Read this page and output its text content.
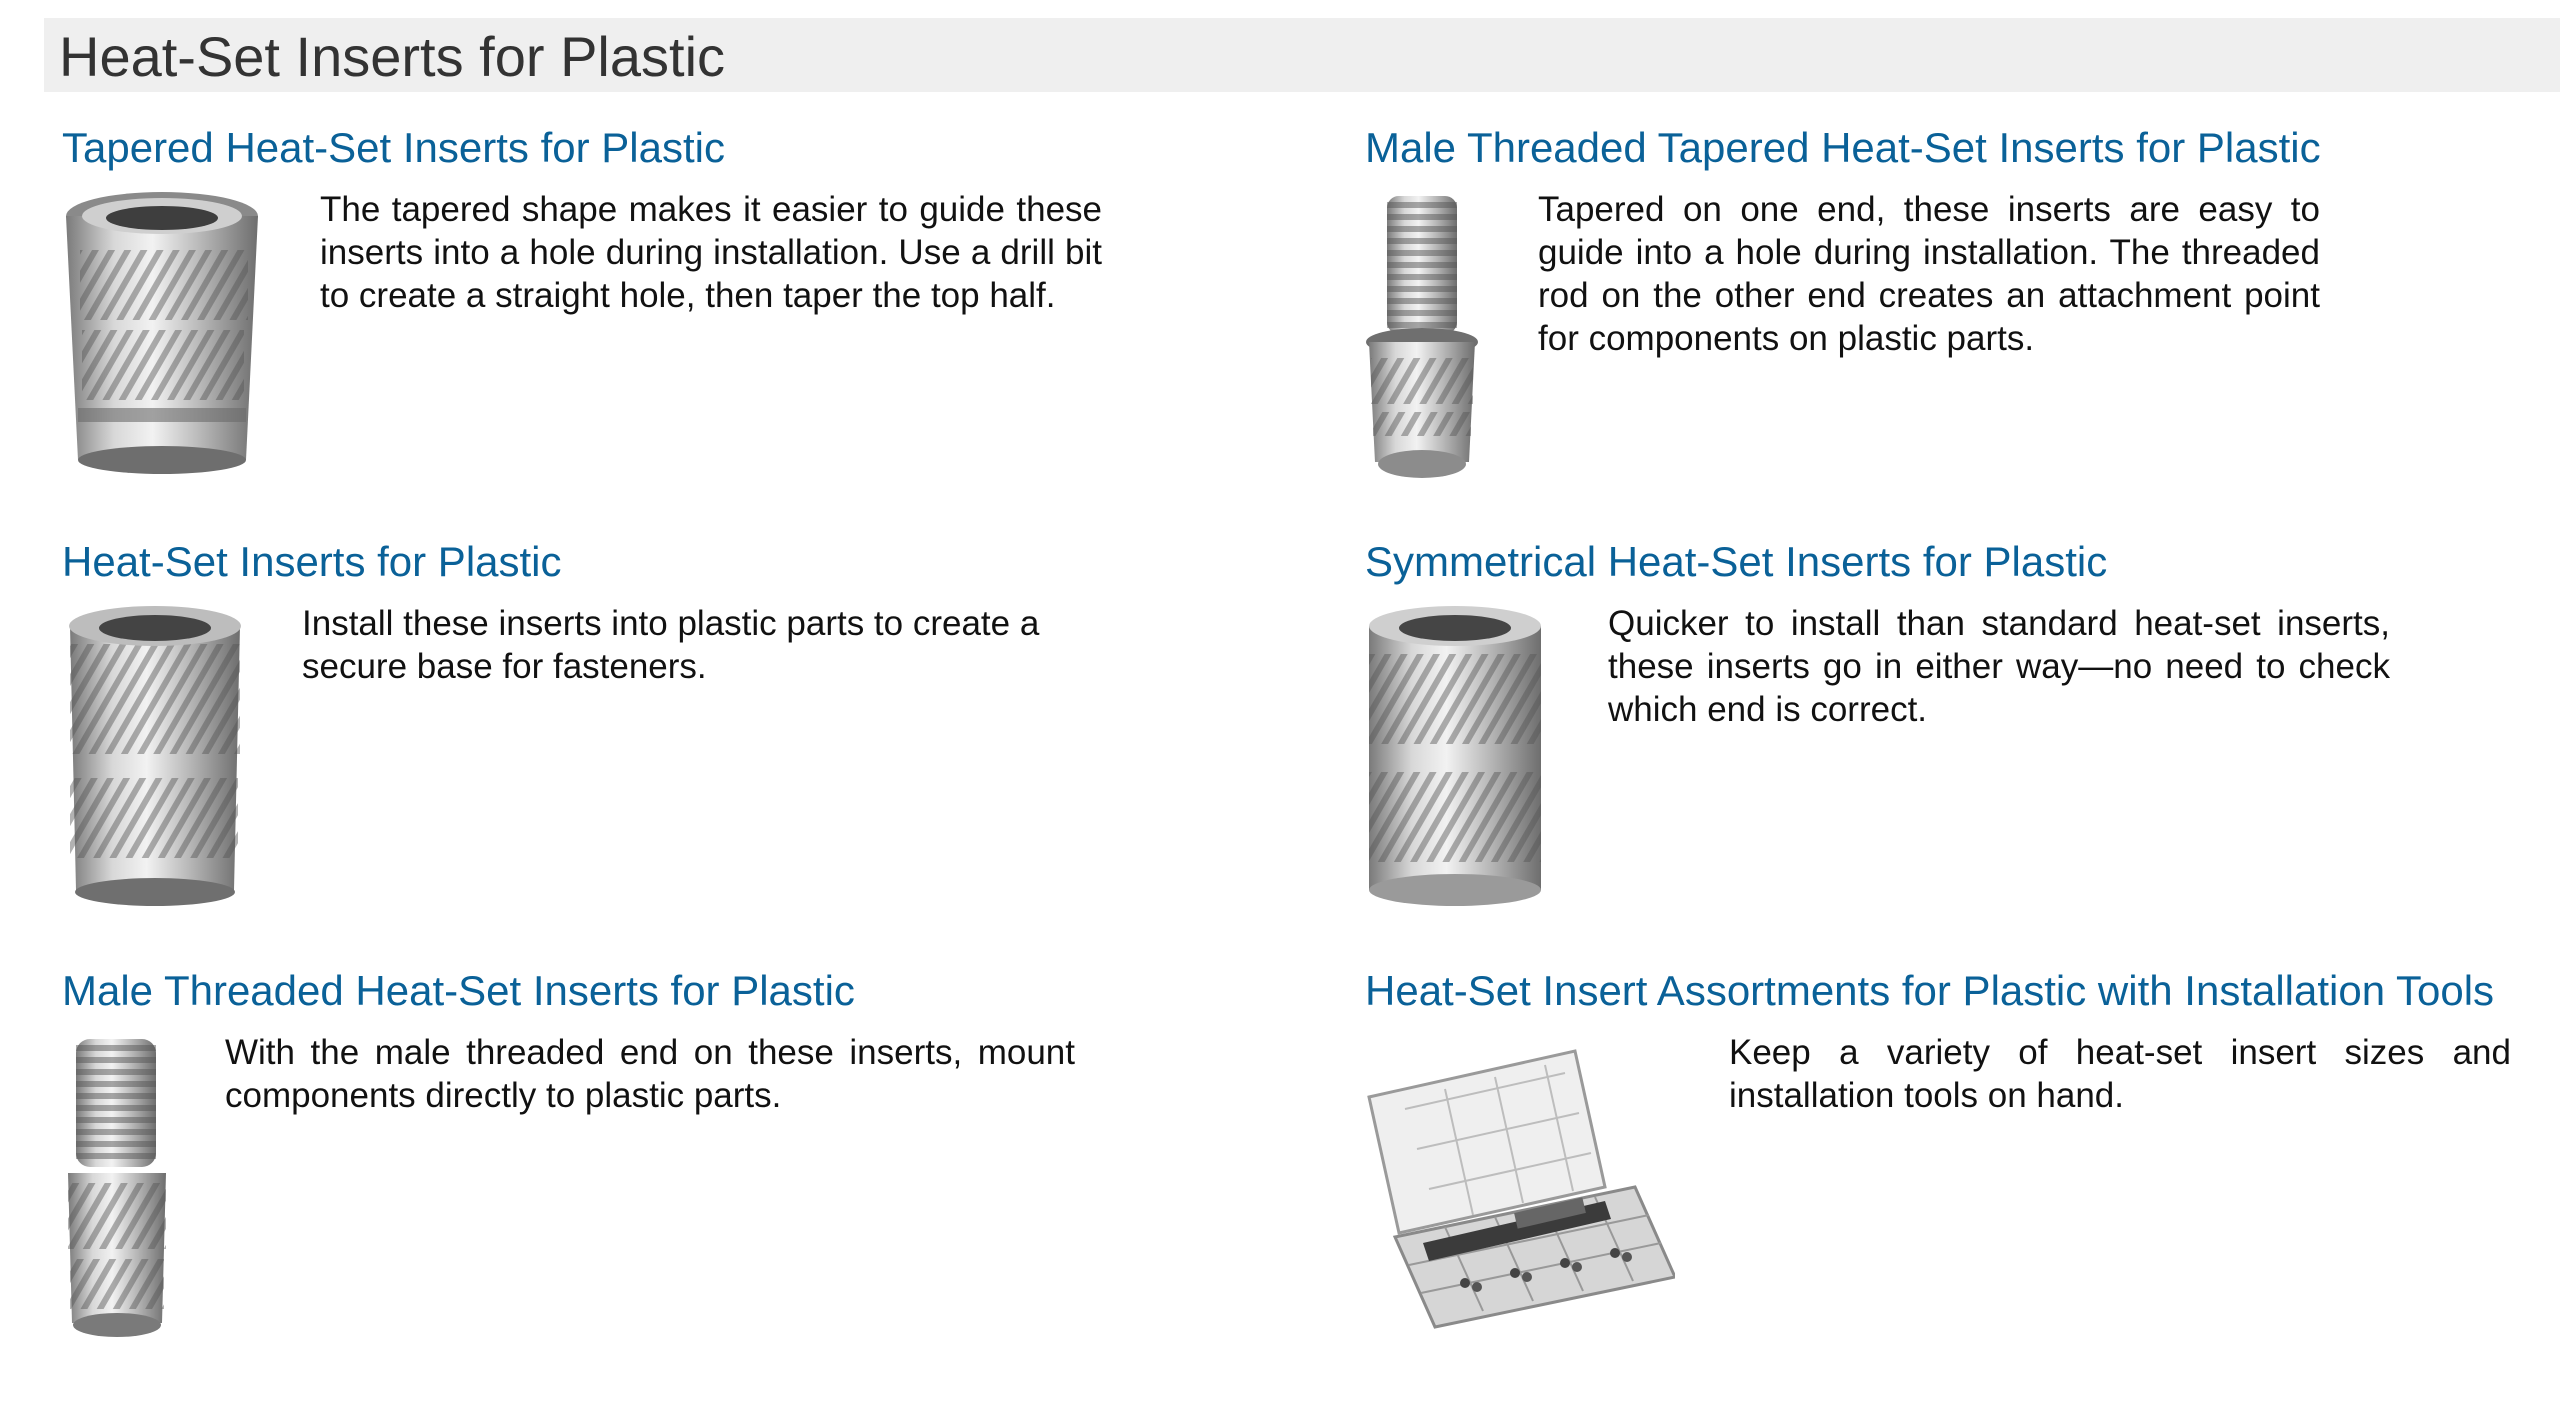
Heat-Set Inserts for Plastic
Tapered Heat-Set Inserts for Plastic

The tapered shape makes it easier to guide these inserts into a hole during installation. Use a drill bit to create a straight hole, then taper the top half.

Male Threaded Tapered Heat-Set Inserts for Plastic

Tapered on one end, these inserts are easy to guide into a hole during installation. The threaded rod on the other end creates an attachment point for components on plastic parts.

Heat-Set Inserts for Plastic

Install these inserts into plastic parts to create a secure base for fasteners.

Symmetrical Heat-Set Inserts for Plastic

Quicker to install than standard heat-set inserts, these inserts go in either way—no need to check which end is correct.

Male Threaded Heat-Set Inserts for Plastic

With the male threaded end on these inserts, mount components directly to plastic parts.

Heat-Set Insert Assortments for Plastic with Installation Tools

Keep a variety of heat-set insert sizes and installation tools on hand.
